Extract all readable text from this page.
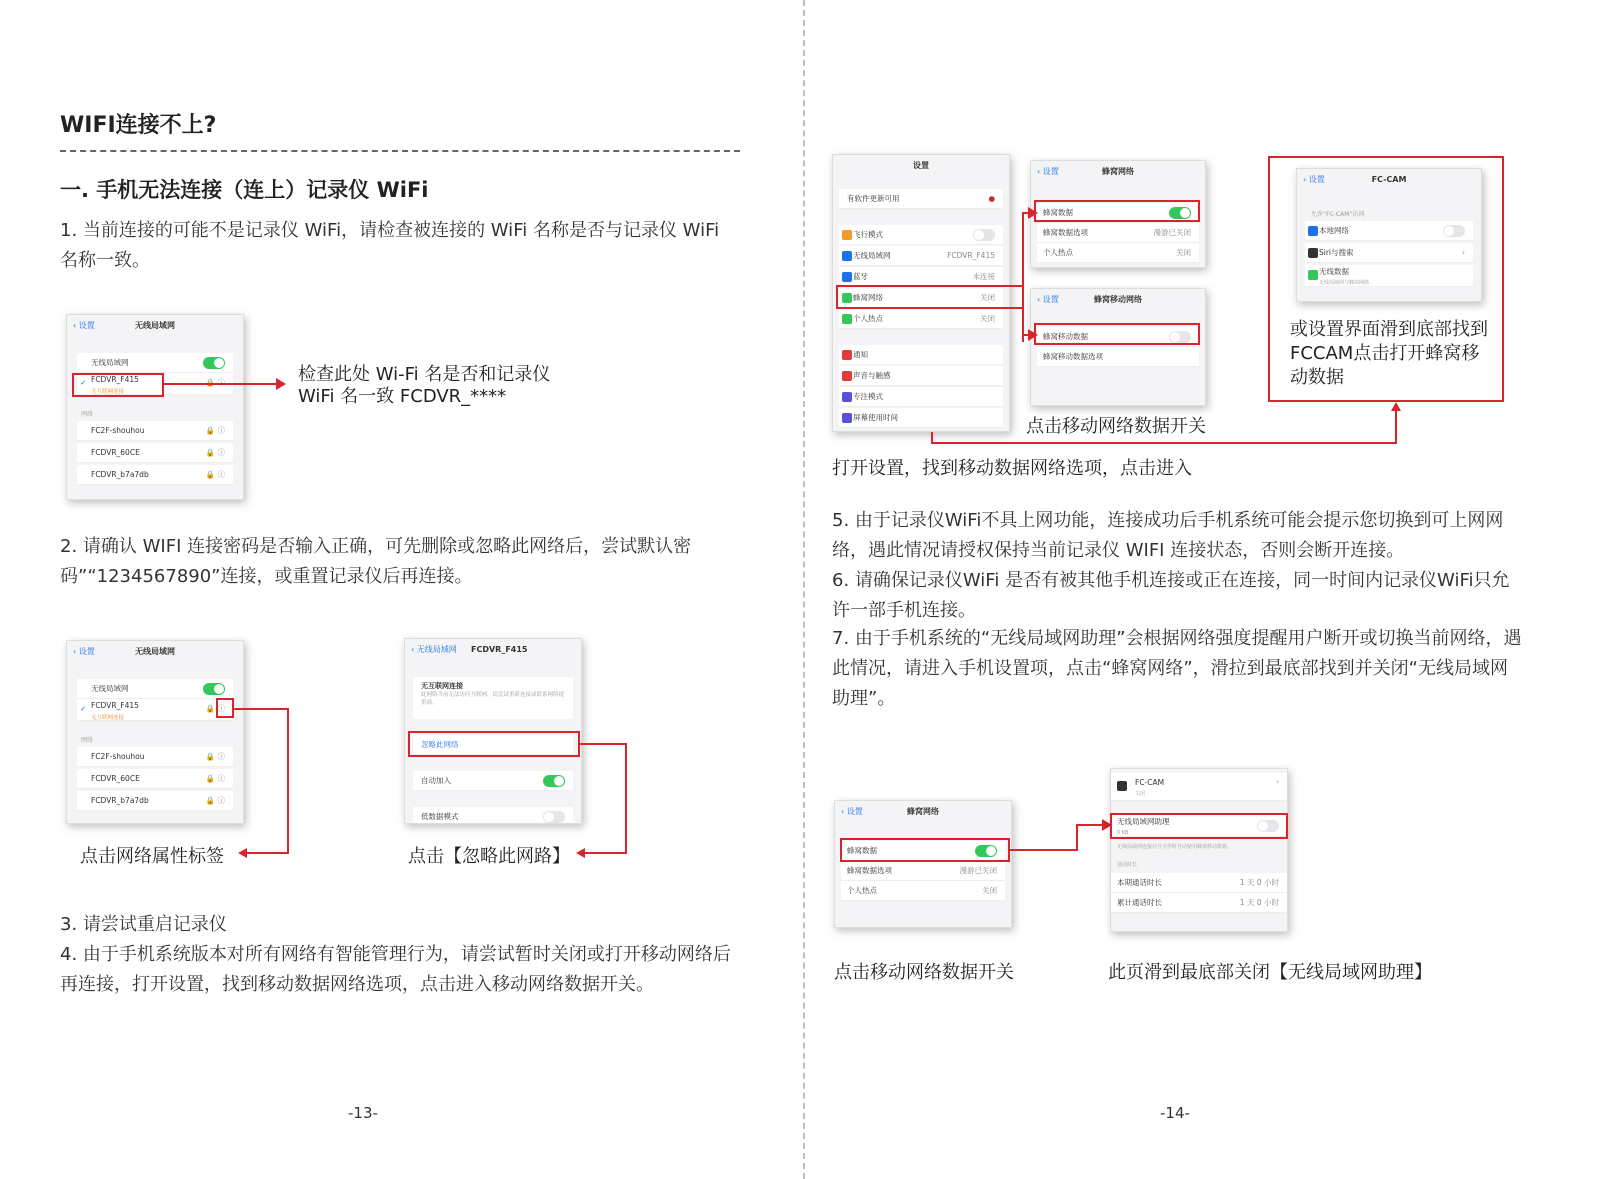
WIFI连接不上?
一. 手机无法连接（连上）记录仪 WiFi
1. 当前连接的可能不是记录仪 WiFi，请检查被连接的 WiFi 名称是否与记录仪 WiFi名称一致。
‹ 设置	无线局域网
无线局域网
✓ FCDVR_F415
无互联网连接
网络
FC2F-shouhou	🔒 ⓘ
FCDVR_60CE	🔒 ⓘ
FCDVR_b7a7db	🔒 ⓘ
检查此处 Wi-Fi 名是否和记录仪
WiFi 名一致 FCDVR_****
2. 请确认 WIFI 连接密码是否输入正确，可先删除或忽略此网络后，尝试默认密码”“1234567890”连接，或重置记录仪后再连接。
‹ 设置	无线局域网
无线局域网
✓ FCDVR_F415
无互联网连接
🔒 ⓘ
网络
FC2F-shouhou	🔒 ⓘ
FCDVR_60CE	🔒 ⓘ
FCDVR_b7a7db	🔒 ⓘ
点击网络属性标签
‹ 无线局域网 FCDVR_F415
无互联网连接
此网络当前无法访问互联网，请尝试重新连接或联系网络提供商。
忽略此网络
自动加入
低数据模式
点击【忽略此网路】
3. 请尝试重启记录仪
4. 由于手机系统版本对所有网络有智能管理行为，请尝试暂时关闭或打开移动网络后再连接，打开设置，找到移动数据网络选项，点击进入移动网络数据开关。
-13-
设置
有软件更新可用	●
飞行模式
无线局域网	FCDVR_F415
蓝牙	未连接
蜂窝网络	关闭
个人热点	关闭
通知
声音与触感
专注模式
屏幕使用时间
‹ 设置	蜂窝网络
蜂窝数据
蜂窝数据选项	漫游已关闭
个人热点	关闭
‹ 设置	蜂窝移动网络
蜂窝移动数据
蜂窝移动数据选项
点击移动网络数据开关
‹ 设置	FC-CAM
允许“FC-CAM”访问
本地网络
Siri与搜索	›
无线数据
无线局域网与蜂窝网络
或设置界面滑到底部找到FCCAM点击打开蜂窝移动数据
打开设置，找到移动数据网络选项，点击进入
5. 由于记录仪WiFi不具上网功能，连接成功后手机系统可能会提示您切换到可上网网络，遇此情况请授权保持当前记录仪 WIFI 连接状态，否则会断开连接。
6. 请确保记录仪WiFi 是否有被其他手机连接或正在连接，同一时间内记录仪WiFi只允许一部手机连接。
7. 由于手机系统的“无线局域网助理”会根据网络强度提醒用户断开或切换当前网络，遇此情况，请进入手机设置项，点击“蜂窝网络”，滑拉到最底部找到并关闭“无线局域网助理”。
‹ 设置	蜂窝网络
蜂窝数据
蜂窝数据选项	漫游已关闭
个人热点	关闭
FC-CAM
关闭
›
无线局域网助理
0 KB
无线局域网连接信号不佳时自动使用蜂窝移动数据。
通话时长
本期通话时长	1 天 0 小时
累计通话时长	1 天 0 小时
点击移动网络数据开关	此页滑到最底部关闭【无线局域网助理】
-14-
